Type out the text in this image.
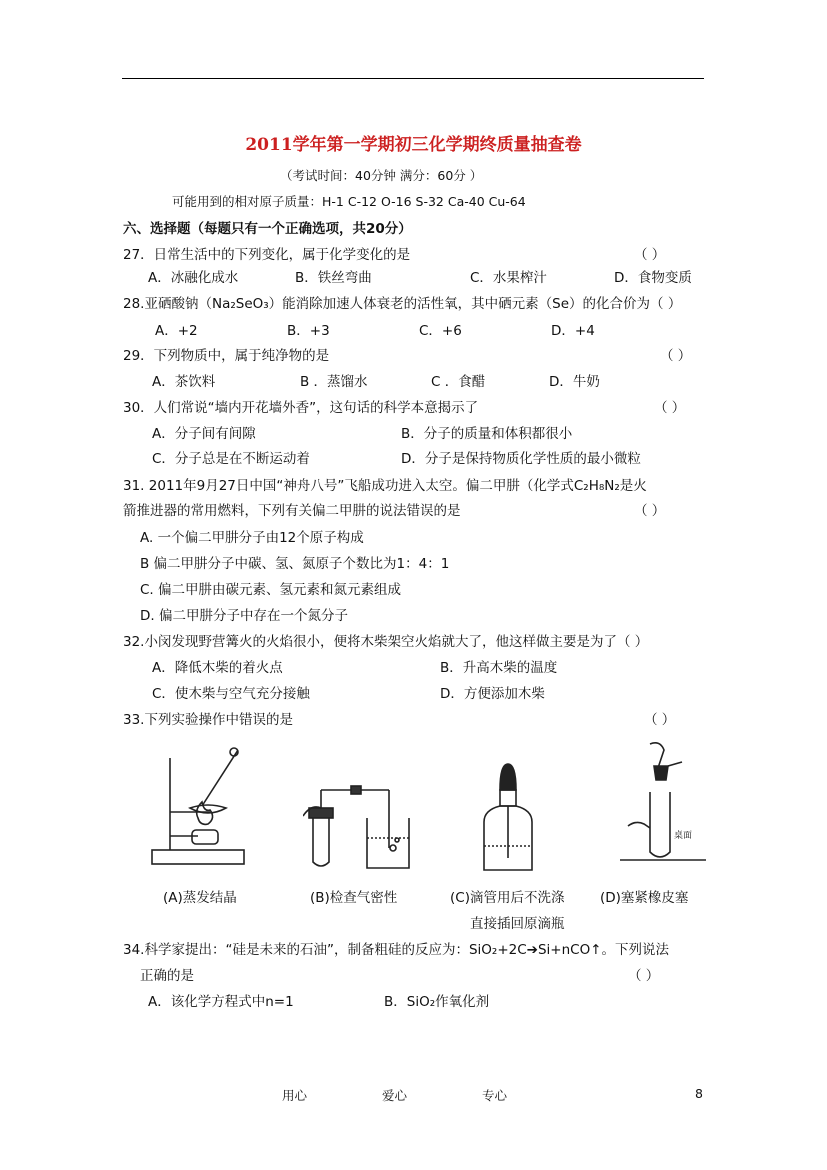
2011学年第一学期初三化学期终质量抽查卷
（考试时间：40分钟 满分：60分 ）
可能用到的相对原子质量：H-1 C-12 O-16 S-32 Ca-40 Cu-64
六、选择题（每题只有一个正确选项，共20分）
27．日常生活中的下列变化，属于化学变化的是	（ ）
A．冰融化成水	B．铁丝弯曲	C．水果榨汁	D．食物变质
28.亚硒酸钠（Na₂SeO₃）能消除加速人体衰老的活性氧，其中硒元素（Se）的化合价为（ ）
A．+2	B．+3	C．+6	D．+4
29．下列物质中，属于纯净物的是	（ ）
A．茶饮料	B ．蒸馏水	C ．食醋	D．牛奶
30．人们常说“墙内开花墙外香”，这句话的科学本意揭示了	（ ）
A．分子间有间隙	B．分子的质量和体积都很小
C．分子总是在不断运动着	D．分子是保持物质化学性质的最小微粒
31. 2011年9月27日中国“神舟八号”飞船成功进入太空。偏二甲肼（化学式C₂H₈N₂是火
箭推进器的常用燃料，下列有关偏二甲肼的说法错误的是	（ ）
A. 一个偏二甲肼分子由12个原子构成
B 偏二甲肼分子中碳、氢、氮原子个数比为1：4：1
C. 偏二甲肼由碳元素、氢元素和氮元素组成
D. 偏二甲肼分子中存在一个氮分子
32.小闵发现野营篝火的火焰很小，便将木柴架空火焰就大了，他这样做主要是为了（ ）
A．降低木柴的着火点	B．升高木柴的温度
C．使木柴与空气充分接触	D．方便添加木柴
33.下列实验操作中错误的是	（ ）
桌面
(A)蒸发结晶	(B)检查气密性	(C)滴管用后不洗涤	(D)塞紧橡皮塞
直接插回原滴瓶
34.科学家提出：“硅是未来的石油”，制备粗硅的反应为：SiO₂+2C➔Si+nCO↑。下列说法
正确的是	（ ）
A．该化学方程式中n=1	B．SiO₂作氧化剂
用心	爱心	专心	8
